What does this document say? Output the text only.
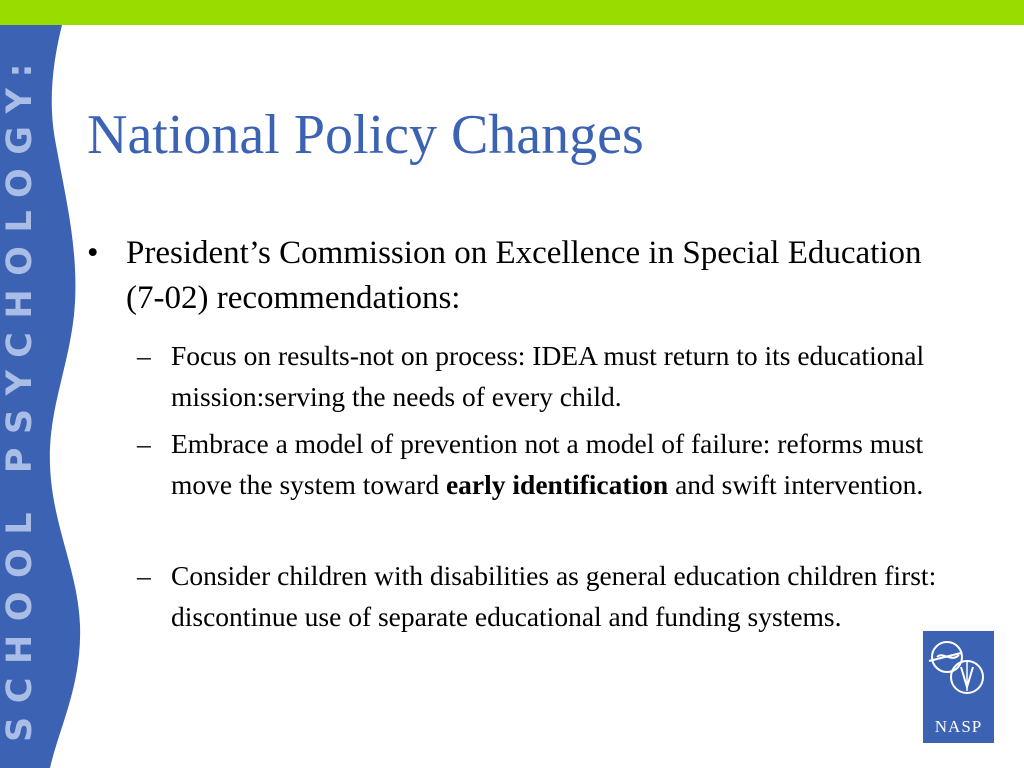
SCHOOL PSYCHOLOGY: National Policy Changes
• President’s Commission on Excellence in Special Education (7-02) recommendations:
– Focus on results-not on process: IDEA must return to its educational mission:serving the needs of every child.
– Embrace a model of prevention not a model of failure: reforms must move the system toward early identification and swift intervention.
– Consider children with disabilities as general education children first: discontinue use of separate educational and funding systems.
NASP
